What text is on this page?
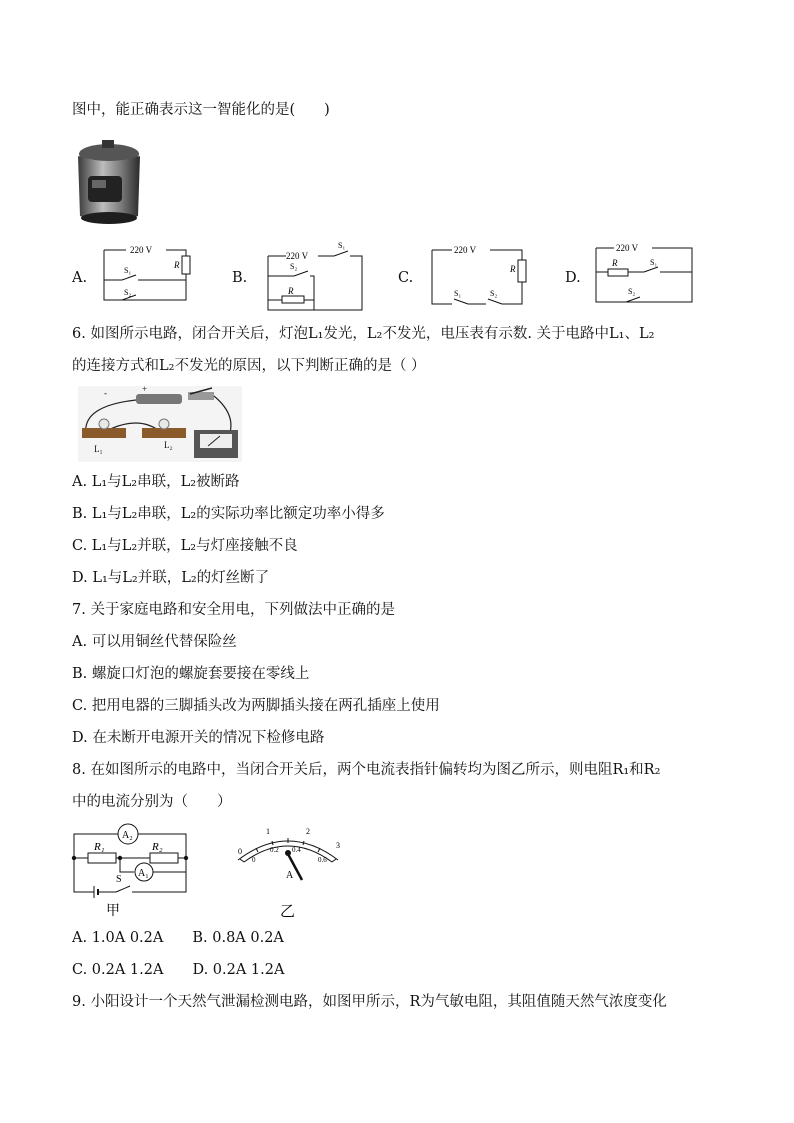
图中，能正确表示这一智能化的是(　　)
A.
220 V
R
S₁
S₂
B.
220 V
S₁
S₂
R
C.
220 V
R
S₁	S₂
D.
220 V
R	S₁
S₂
6. 如图所示电路，闭合开关后，灯泡L₁发光，L₂不发光，电压表有示数. 关于电路中L₁、L₂
的连接方式和L₂不发光的原因，以下判断正确的是（ ）
-	+
L₁	L₂
A. L₁与L₂串联，L₂被断路
B. L₁与L₂串联，L₂的实际功率比额定功率小得多
C. L₁与L₂并联，L₂与灯座接触不良
D. L₁与L₂并联，L₂的灯丝断了
7. 关于家庭电路和安全用电，下列做法中正确的是
A. 可以用铜丝代替保险丝
B. 螺旋口灯泡的螺旋套要接在零线上
C. 把用电器的三脚插头改为两脚插头接在两孔插座上使用
D. 在未断开电源开关的情况下检修电路
8. 在如图所示的电路中，当闭合开关后，两个电流表指针偏转均为图乙所示，则电阻R₁和R₂
中的电流分别为（　　）
A₂
A₁
R₁	R₂
S
甲
1	2
3
0
0
0.2 0.4
0.6
A
乙
A. 1.0A 0.2A　　B. 0.8A 0.2A
C. 0.2A 1.2A　　D. 0.2A 1.2A
9. 小阳设计一个天然气泄漏检测电路，如图甲所示，R为气敏电阻，其阻值随天然气浓度变化
